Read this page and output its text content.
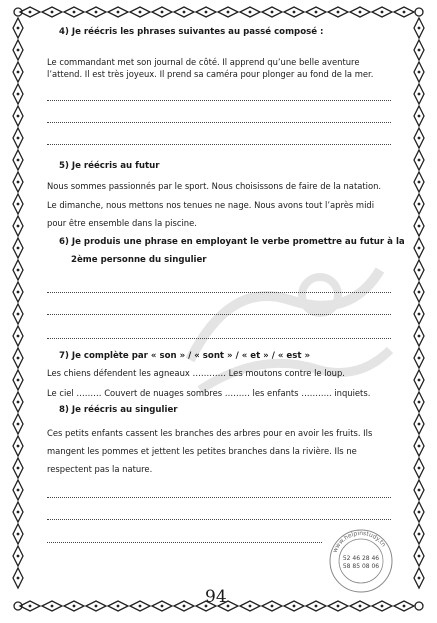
4) Je réécris les phrases suivantes au passé composé :
Le commandant met son journal de côté. Il apprend qu’une belle aventure
l’attend. Il est très joyeux. Il prend sa caméra pour plonger au fond de la mer.
5) Je réécris au futur
Nous sommes passionnés par le sport. Nous choisissons de faire de la natation.
Le dimanche, nous mettons nos tenues ne nage. Nous avons tout l’après midi
pour être ensemble dans la piscine.
6) Je produis une phrase en employant le verbe promettre au futur à la
2ème personne du singulier
7) Je complète par « son » / « sont » / « et » / « est »
Les chiens défendent les agneaux ………… Les moutons contre le loup.
Le ciel ……… Couvert de nuages sombres ……… les enfants ……….. inquiets.
8) Je réécris au singulier
Ces petits enfants cassent les branches des arbres pour en avoir les fruits. Ils
mangent les pommes et jettent les petites branches dans la rivière. Ils ne
respectent pas la nature.
www.helpinstudy.tn
52 46 28 46
58 85 08 06
94
